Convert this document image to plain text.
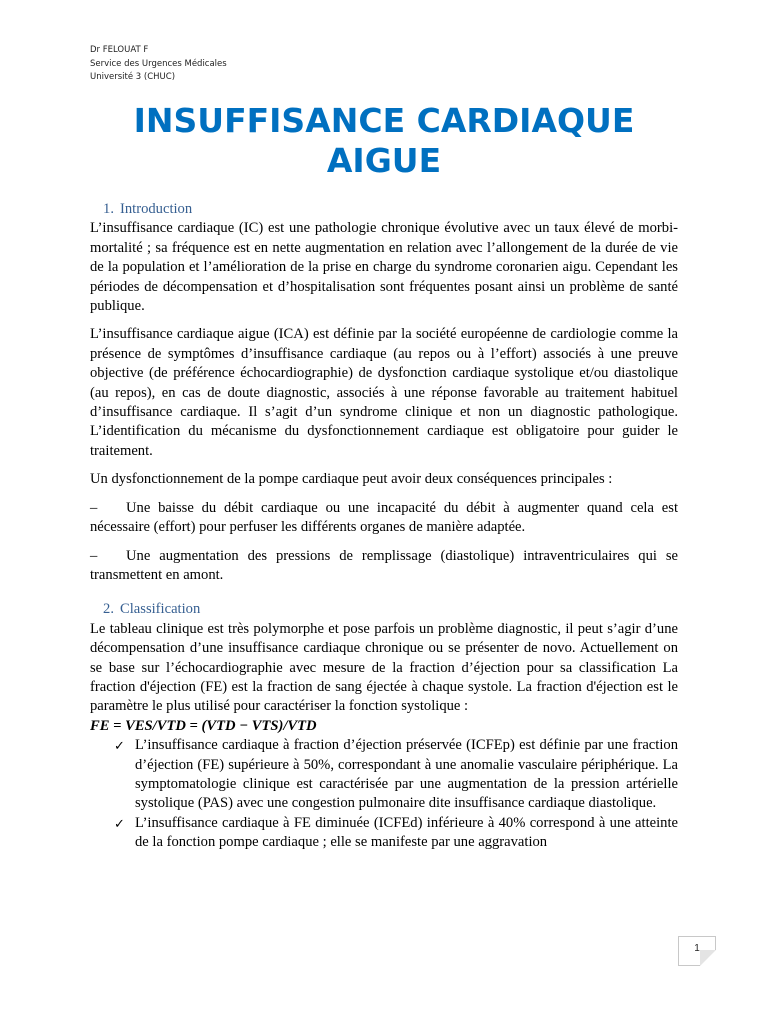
Dr FELOUAT F
Service des Urgences Médicales
Université 3 (CHUC)
INSUFFISANCE CARDIAQUE
AIGUE

1. Introduction

L’insuffisance cardiaque (IC) est une pathologie chronique évolutive avec un taux élevé de morbi-mortalité ; sa fréquence est en nette augmentation en relation avec l’allongement de la durée de vie de la population et l’amélioration de la prise en charge du syndrome coronarien aigu. Cependant les périodes de décompensation et d’hospitalisation sont fréquentes posant ainsi un problème de santé publique.

L’insuffisance cardiaque aigue (ICA) est définie par la société européenne de cardiologie comme la présence de symptômes d’insuffisance cardiaque (au repos ou à l’effort) associés à une preuve objective (de préférence échocardiographie) de dysfonction cardiaque systolique et/ou diastolique (au repos), en cas de doute diagnostic, associés à une réponse favorable au traitement habituel d’insuffisance cardiaque. Il s’agit d’un syndrome clinique et non un diagnostic pathologique. L’identification du mécanisme du dysfonctionnement cardiaque est obligatoire pour guider le traitement.

Un dysfonctionnement de la pompe cardiaque peut avoir deux conséquences principales :

– Une baisse du débit cardiaque ou une incapacité du débit à augmenter quand cela est nécessaire (effort) pour perfuser les différents organes de manière adaptée.

– Une augmentation des pressions de remplissage (diastolique) intraventriculaires qui se transmettent en amont.

2. Classification

Le tableau clinique est très polymorphe et pose parfois un problème diagnostic, il peut s’agir d’une décompensation d’une insuffisance cardiaque chronique ou se présenter de novo. Actuellement on se base sur l’échocardiographie avec mesure de la fraction d’éjection pour sa classification La fraction d'éjection (FE) est la fraction de sang éjectée à chaque systole. La fraction d'éjection est le paramètre le plus utilisé pour caractériser la fonction systolique :

FE = VES/VTD = (VTD − VTS)/VTD

✓ L’insuffisance cardiaque à fraction d’éjection préservée (ICFEp) est définie par une fraction d’éjection (FE) supérieure à 50%, correspondant à une anomalie vasculaire périphérique. La symptomatologie clinique est caractérisée par une augmentation de la pression artérielle systolique (PAS) avec une congestion pulmonaire dite insuffisance cardiaque diastolique.
✓ L’insuffisance cardiaque à FE diminuée (ICFEd) inférieure à 40% correspond à une atteinte de la fonction pompe cardiaque ; elle se manifeste par une aggravation
1
